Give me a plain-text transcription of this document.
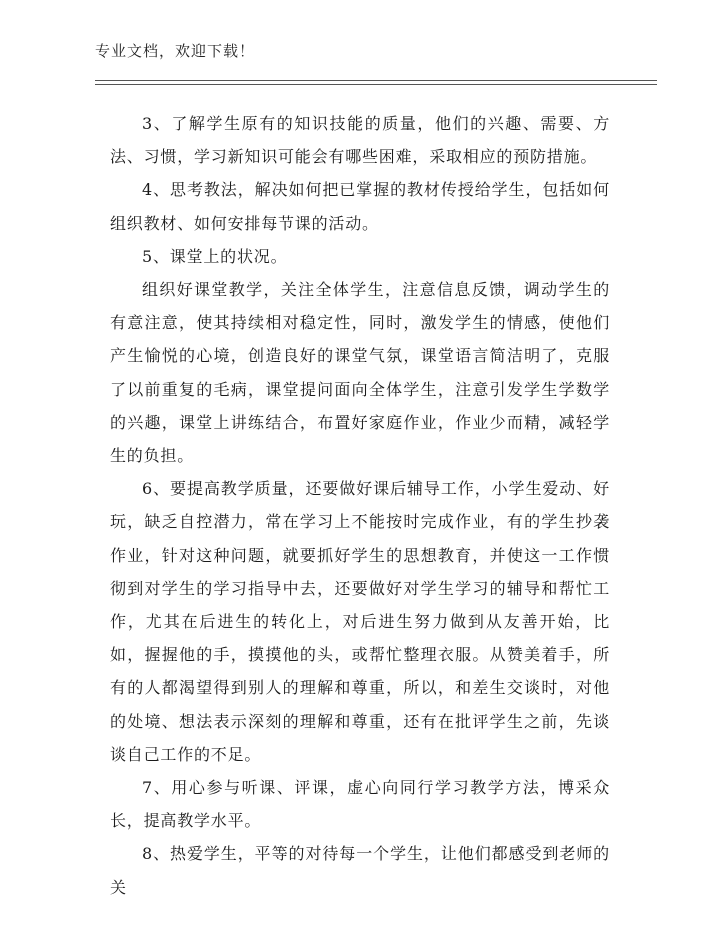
专业文档，欢迎下载！

3、了解学生原有的知识技能的质量，他们的兴趣、需要、方法、习惯，学习新知识可能会有哪些困难，采取相应的预防措施。

4、思考教法，解决如何把已掌握的教材传授给学生，包括如何组织教材、如何安排每节课的活动。

5、课堂上的状况。

组织好课堂教学，关注全体学生，注意信息反馈，调动学生的有意注意，使其持续相对稳定性，同时，激发学生的情感，使他们产生愉悦的心境，创造良好的课堂气氛，课堂语言简洁明了，克服了以前重复的毛病，课堂提问面向全体学生，注意引发学生学数学的兴趣，课堂上讲练结合，布置好家庭作业，作业少而精，减轻学生的负担。

6、要提高教学质量，还要做好课后辅导工作，小学生爱动、好玩，缺乏自控潜力，常在学习上不能按时完成作业，有的学生抄袭作业，针对这种问题，就要抓好学生的思想教育，并使这一工作惯彻到对学生的学习指导中去，还要做好对学生学习的辅导和帮忙工作，尤其在后进生的转化上，对后进生努力做到从友善开始，比如，握握他的手，摸摸他的头，或帮忙整理衣服。从赞美着手，所有的人都渴望得到别人的理解和尊重，所以，和差生交谈时，对他的处境、想法表示深刻的理解和尊重，还有在批评学生之前，先谈谈自己工作的不足。

7、用心参与听课、评课，虚心向同行学习教学方法，博采众长，提高教学水平。

8、热爱学生，平等的对待每一个学生，让他们都感受到老师的关
